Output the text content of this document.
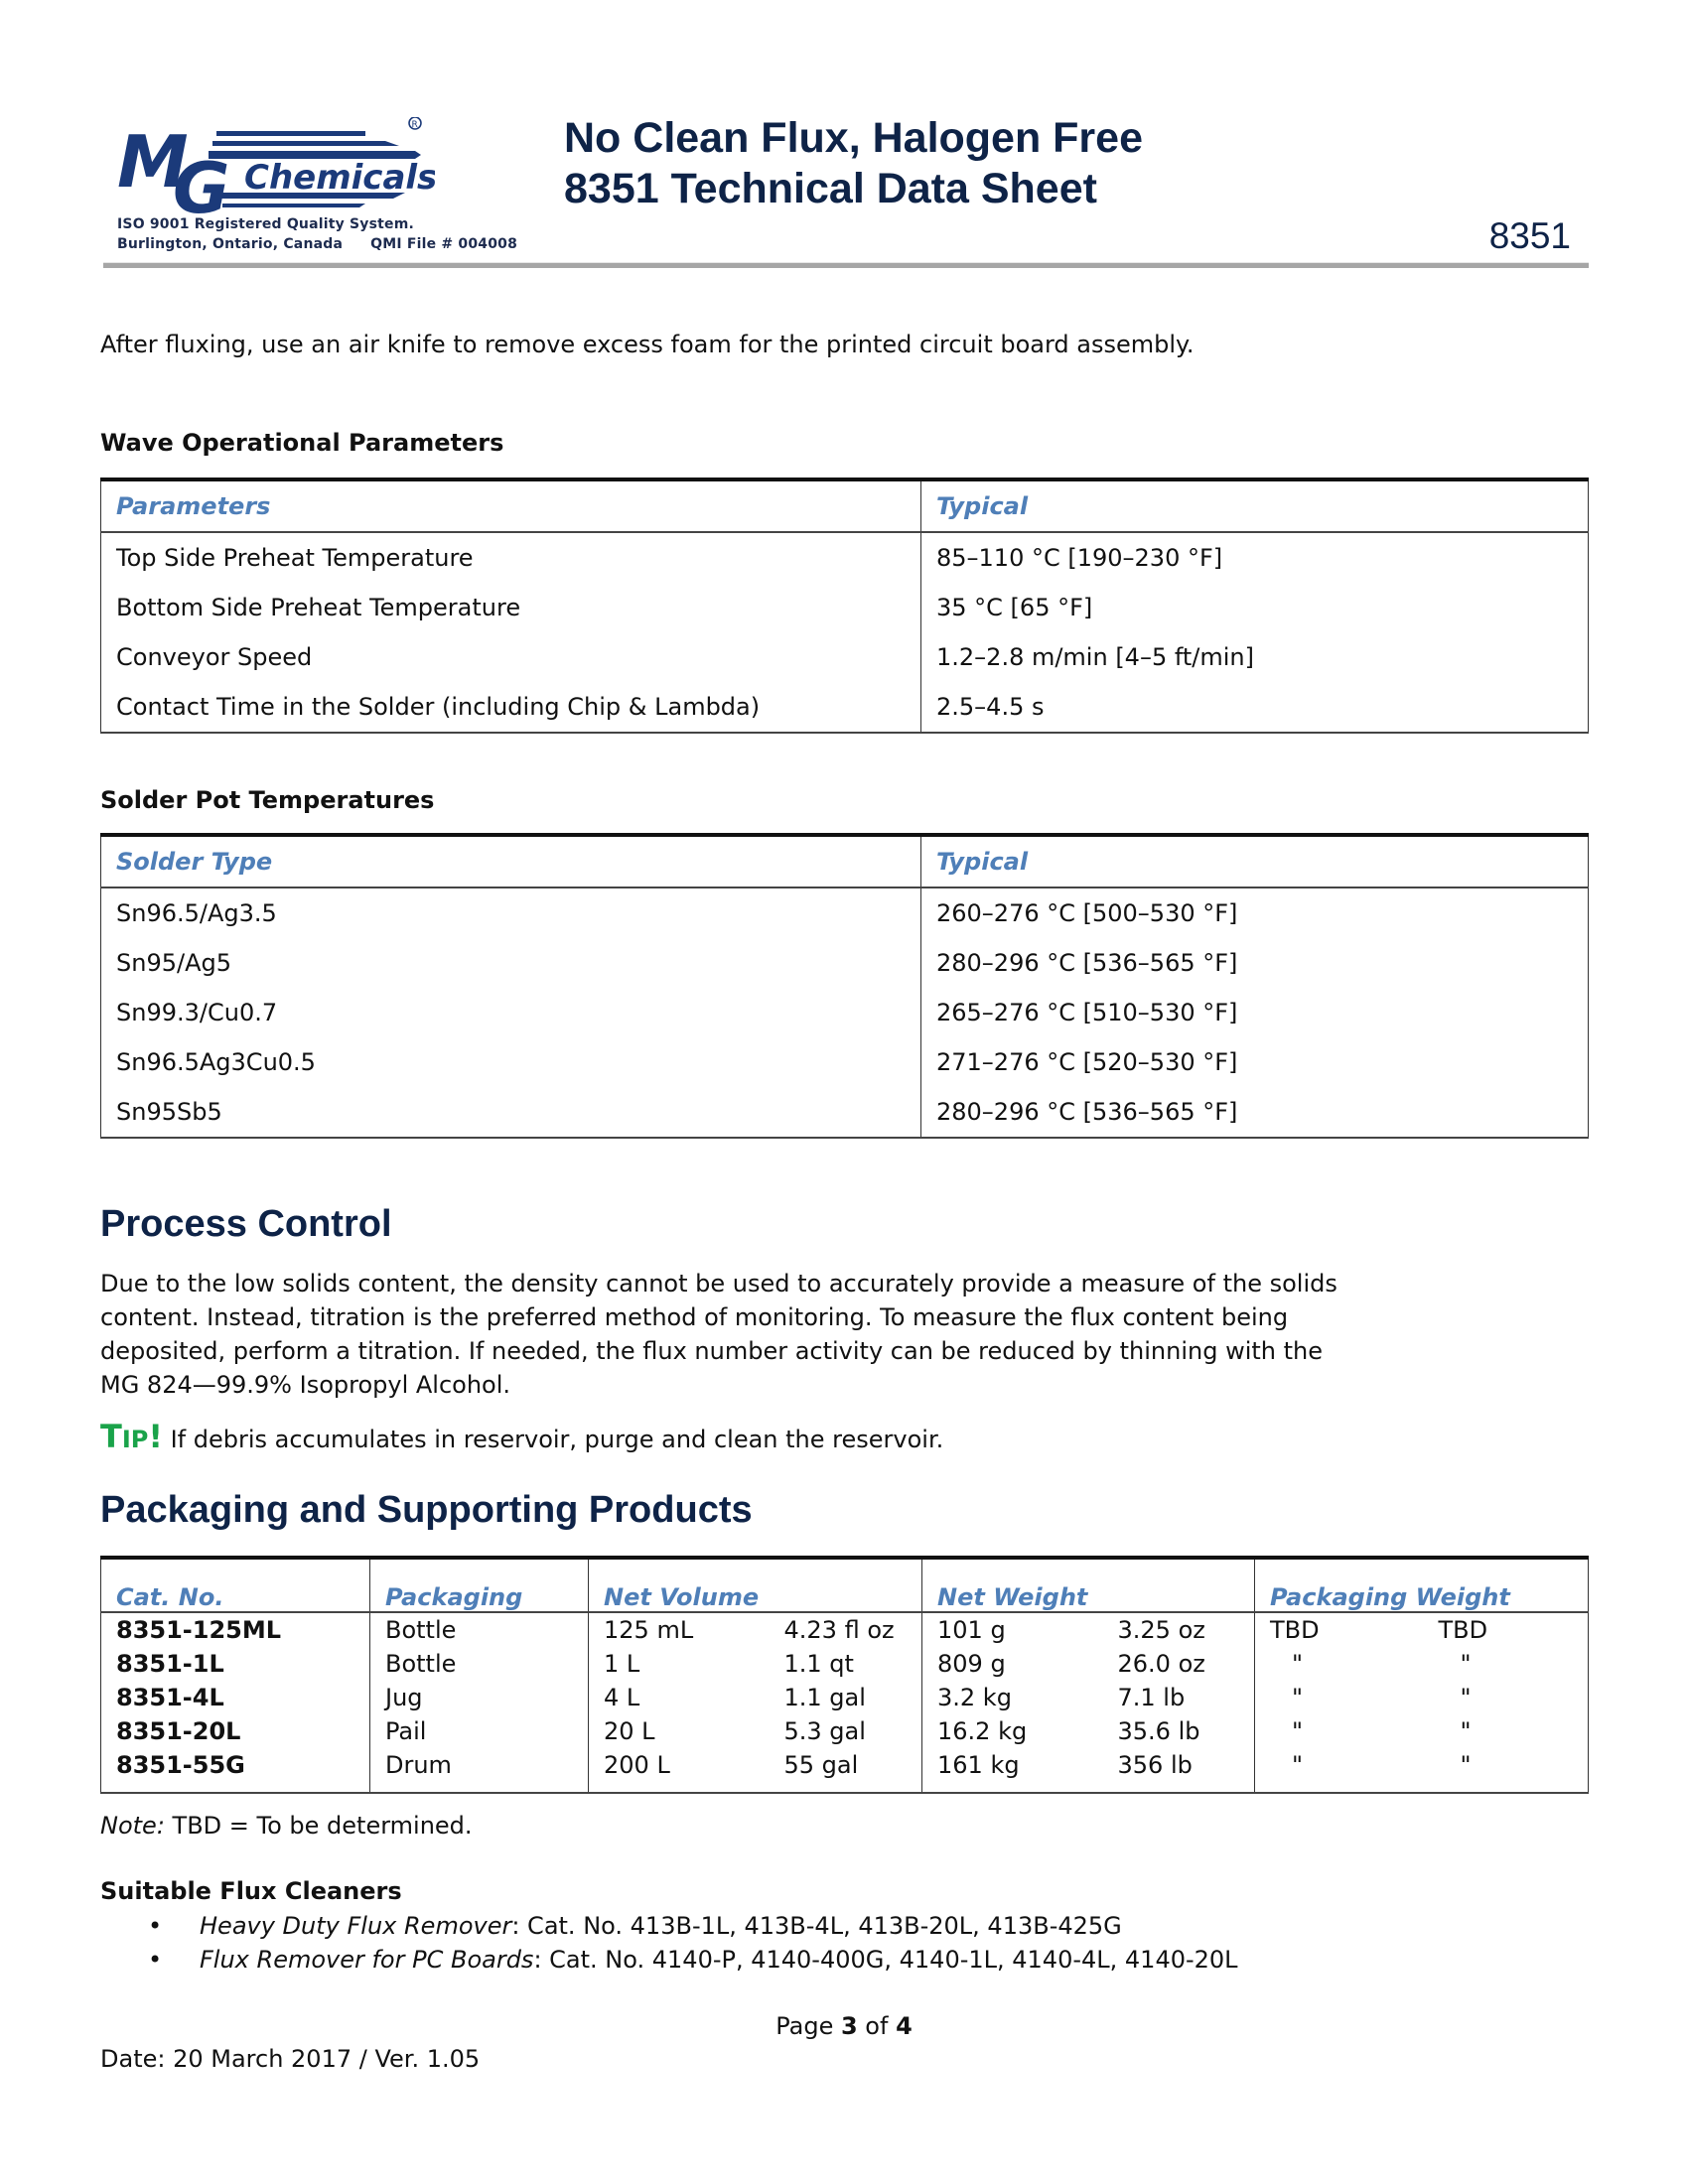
M
G Chemicals
R
ISO 9001 Registered Quality System.
Burlington, Ontario, Canada QMI File # 004008
No Clean Flux, Halogen Free
8351 Technical Data Sheet
8351
After fluxing, use an air knife to remove excess foam for the printed circuit board assembly.
Wave Operational Parameters
Parameters	Typical
Top Side Preheat Temperature	85–110 °C [190–230 °F]
Bottom Side Preheat Temperature	35 °C [65 °F]
Conveyor Speed	1.2–2.8 m/min [4–5 ft/min]
Contact Time in the Solder (including Chip & Lambda)	2.5–4.5 s
Solder Pot Temperatures
Solder Type	Typical
Sn96.5/Ag3.5	260–276 °C [500–530 °F]
Sn95/Ag5	280–296 °C [536–565 °F]
Sn99.3/Cu0.7	265–276 °C [510–530 °F]
Sn96.5Ag3Cu0.5	271–276 °C [520–530 °F]
Sn95Sb5	280–296 °C [536–565 °F]
Process Control
Due to the low solids content, the density cannot be used to accurately provide a measure of the solids
content. Instead, titration is the preferred method of monitoring. To measure the flux content being
deposited, perform a titration. If needed, the flux number activity can be reduced by thinning with the
MG 824—99.9% Isopropyl Alcohol.
TIP! If debris accumulates in reservoir, purge and clean the reservoir.
Packaging and Supporting Products
Cat. No.	Packaging	Net Volume		Net Weight		Packaging Weight	
8351-125ML	Bottle	125 mL	4.23 fl oz	101 g	3.25 oz	TBD	TBD
8351-1L	Bottle	1 L	1.1 qt	809 g	26.0 oz	"	"
8351-4L	Jug	4 L	1.1 gal	3.2 kg	7.1 lb	"	"
8351-20L	Pail	20 L	5.3 gal	16.2 kg	35.6 lb	"	"
8351-55G	Drum	200 L	55 gal	161 kg	356 lb	"	"
Note: TBD = To be determined.
Suitable Flux Cleaners
• Heavy Duty Flux Remover: Cat. No. 413B-1L, 413B-4L, 413B-20L, 413B-425G
• Flux Remover for PC Boards: Cat. No. 4140-P, 4140-400G, 4140-1L, 4140-4L, 4140-20L
Page 3 of 4
Date: 20 March 2017 / Ver. 1.05
